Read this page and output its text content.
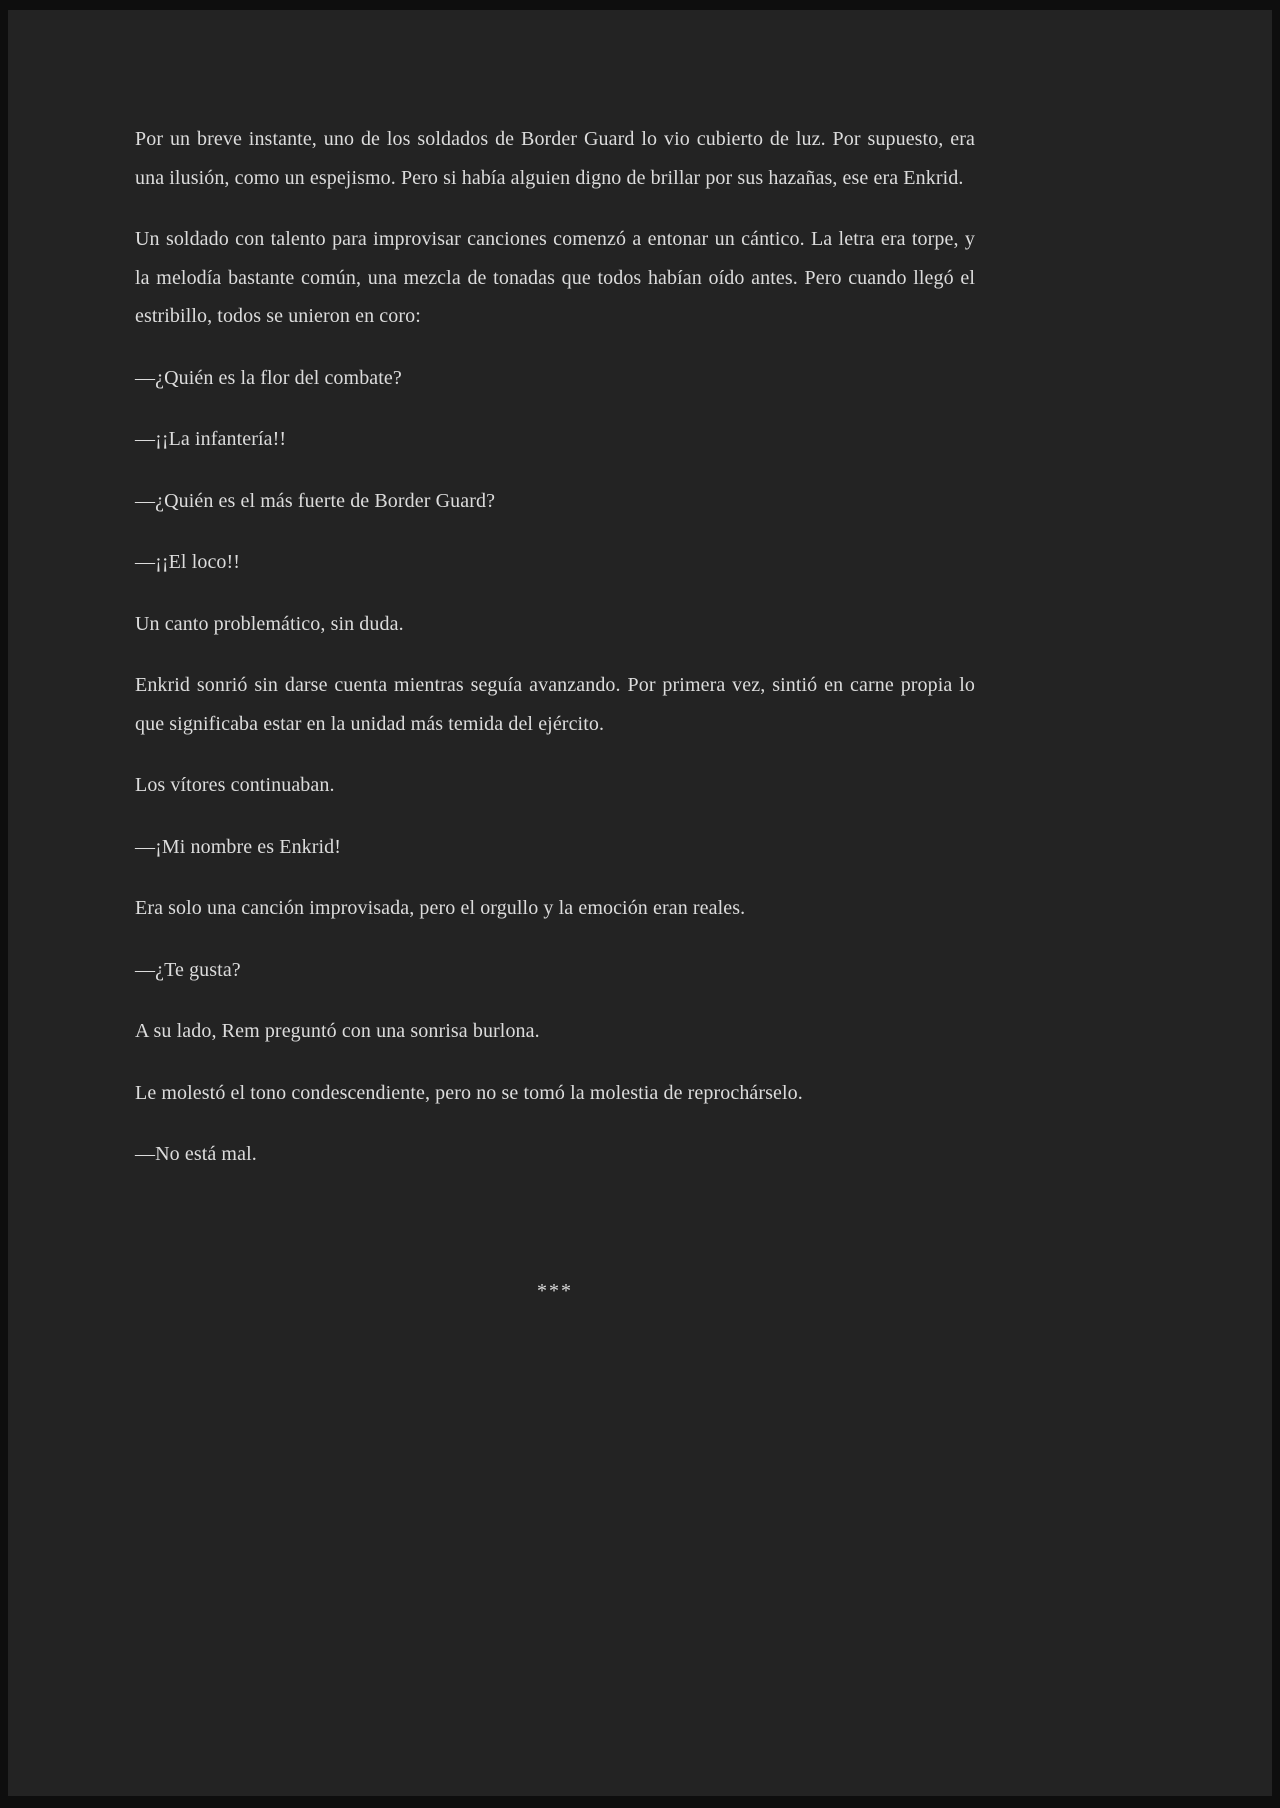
Por un breve instante, uno de los soldados de Border Guard lo vio cubierto de luz. Por supuesto, era una ilusión, como un espejismo. Pero si había alguien digno de brillar por sus hazañas, ese era Enkrid.

Un soldado con talento para improvisar canciones comenzó a entonar un cántico. La letra era torpe, y la melodía bastante común, una mezcla de tonadas que todos habían oído antes. Pero cuando llegó el estribillo, todos se unieron en coro:

—¿Quién es la flor del combate?

—¡¡La infantería!!

—¿Quién es el más fuerte de Border Guard?

—¡¡El loco!!

Un canto problemático, sin duda.

Enkrid sonrió sin darse cuenta mientras seguía avanzando. Por primera vez, sintió en carne propia lo que significaba estar en la unidad más temida del ejército.

Los vítores continuaban.

—¡Mi nombre es Enkrid!

Era solo una canción improvisada, pero el orgullo y la emoción eran reales.

—¿Te gusta?

A su lado, Rem preguntó con una sonrisa burlona.

Le molestó el tono condescendiente, pero no se tomó la molestia de reprochárselo.

—No está mal.

***
